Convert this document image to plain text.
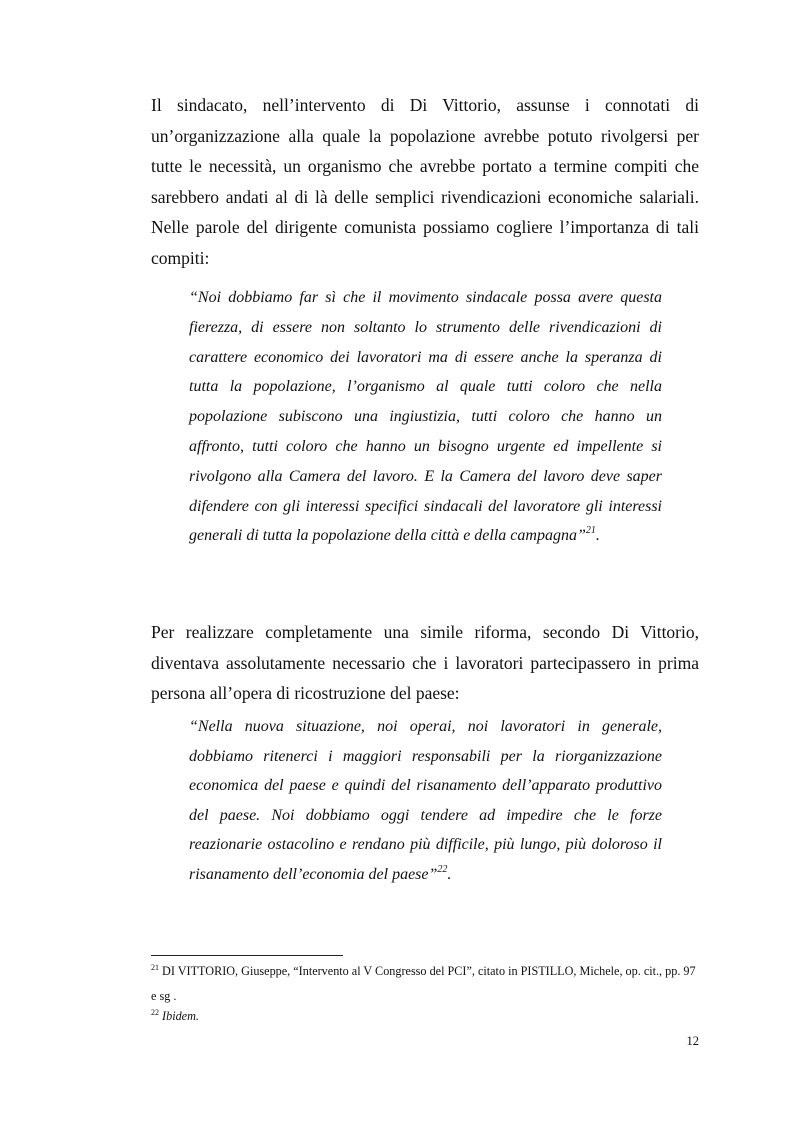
Il sindacato, nell’intervento di Di Vittorio, assunse i connotati di un’organizzazione alla quale la popolazione avrebbe potuto rivolgersi per tutte le necessità, un organismo che avrebbe portato a termine compiti che sarebbero andati al di là delle semplici rivendicazioni economiche salariali. Nelle parole del dirigente comunista possiamo cogliere l’importanza di tali compiti:

“Noi dobbiamo far sì che il movimento sindacale possa avere questa fierezza, di essere non soltanto lo strumento delle rivendicazioni di carattere economico dei lavoratori ma di essere anche la speranza di tutta la popolazione, l’organismo al quale tutti coloro che nella popolazione subiscono una ingiustizia, tutti coloro che hanno un affronto, tutti coloro che hanno un bisogno urgente ed impellente si rivolgono alla Camera del lavoro. E la Camera del lavoro deve saper difendere con gli interessi specifici sindacali del lavoratore gli interessi generali di tutta la popolazione della città e della campagna”$^{21}$.

Per realizzare completamente una simile riforma, secondo Di Vittorio, diventava assolutamente necessario che i lavoratori partecipassero in prima persona all’opera di ricostruzione del paese:

“Nella nuova situazione, noi operai, noi lavoratori in generale, dobbiamo ritenerci i maggiori responsabili per la riorganizzazione economica del paese e quindi del risanamento dell’apparato produttivo del paese. Noi dobbiamo oggi tendere ad impedire che le forze reazionarie ostacolino e rendano più difficile, più lungo, più doloroso il risanamento dell’economia del paese”$^{22}$.

$^{21}$ DI VITTORIO, Giuseppe, “Intervento al V Congresso del PCI”, citato in PISTILLO, Michele, op. cit., pp. 97 e sg .

$^{22}$ Ibidem.

12
